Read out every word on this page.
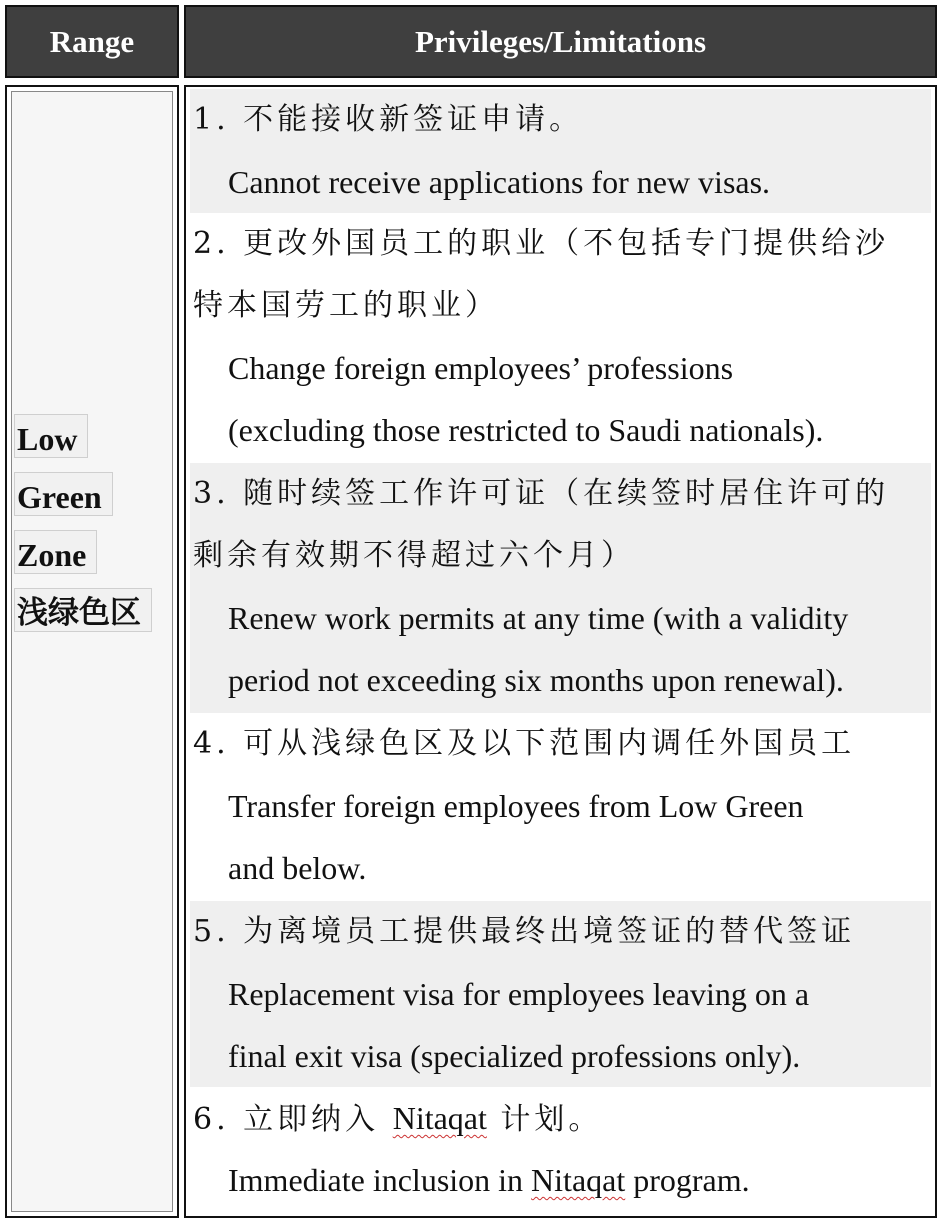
Range	Privileges/Limitations
Low
Green
Zone
浅绿色区
1. 不能接收新签证申请。
Cannot receive applications for new visas.
2. 更改外国员工的职业（不包括专门提供给沙
特本国劳工的职业）
Change foreign employees’ professions
(excluding those restricted to Saudi nationals).
3. 随时续签工作许可证（在续签时居住许可的
剩余有效期不得超过六个月）
Renew work permits at any time (with a validity
period not exceeding six months upon renewal).
4. 可从浅绿色区及以下范围内调任外国员工
Transfer foreign employees from Low Green
and below.
5. 为离境员工提供最终出境签证的替代签证
Replacement visa for employees leaving on a
final exit visa (specialized professions only).
6. 立即纳入 Nitaqat 计划。
Immediate inclusion in Nitaqat program.
